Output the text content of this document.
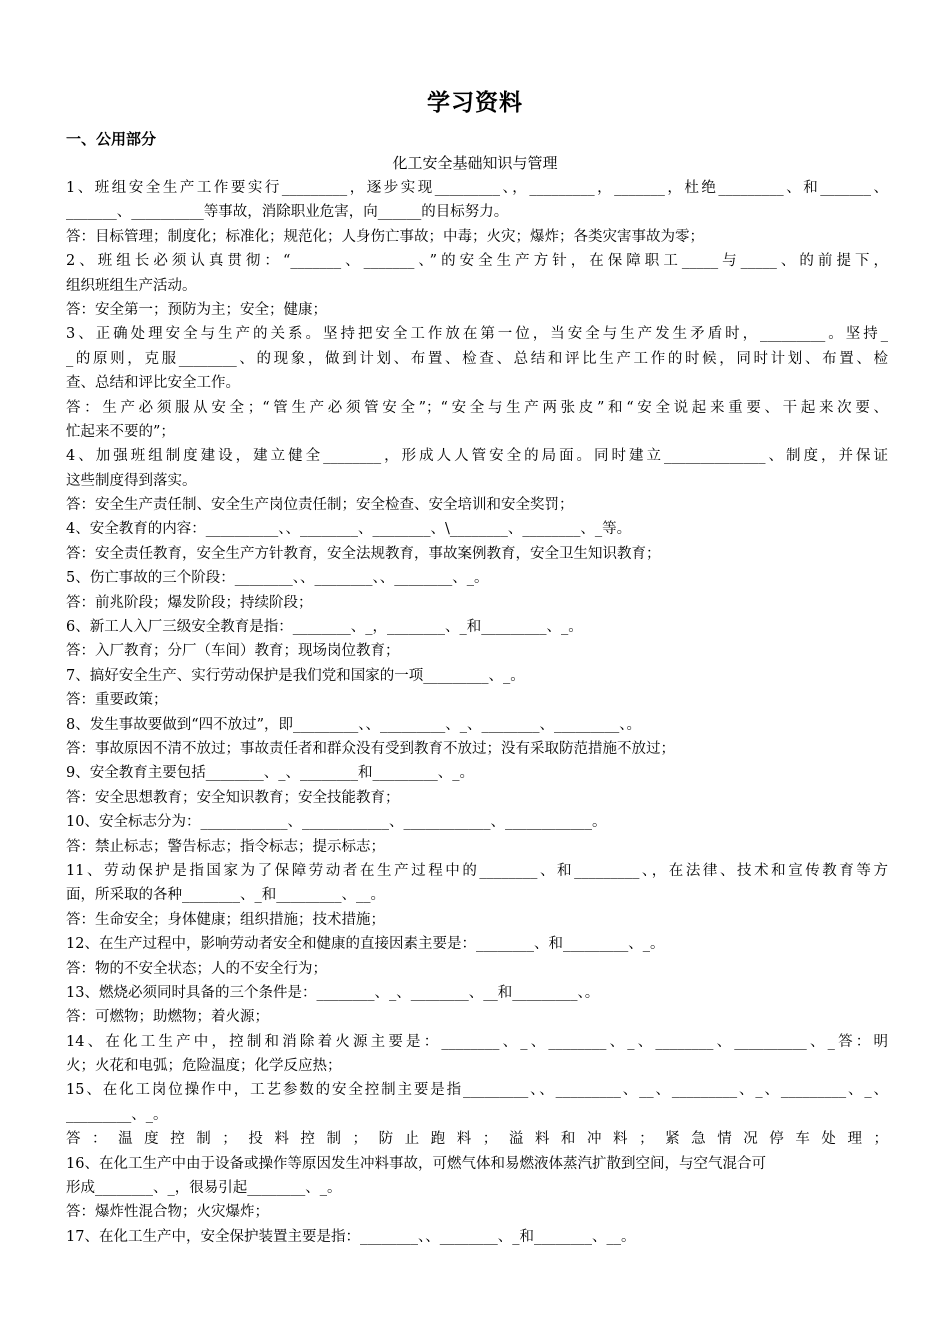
学习资料
一、公用部分
化工安全基础知识与管理
1、班组安全生产工作要实行_________，逐步实现_________、，_________，_______，杜绝_________、和_______、
_______、__________等事故，消除职业危害，向______的目标努力。
答：目标管理；制度化；标准化；规范化；人身伤亡事故；中毒；火灾；爆炸；各类灾害事故为零；
2、班组长必须认真贯彻：“_______、_______、”的安全生产方针，在保障职工_____与_____、的前提下，
组织班组生产活动。
答：安全第一；预防为主；安全；健康；
3、正确处理安全与生产的关系。坚持把安全工作放在第一位，当安全与生产发生矛盾时，_________。坚持_
_的原则，克服________、的现象，做到计划、布置、检查、总结和评比生产工作的时候，同时计划、布置、检
查、总结和评比安全工作。
答：生产必须服从安全；“管生产必须管安全”；“安全与生产两张皮”和“安全说起来重要、干起来次要、
忙起来不要的”；
4、加强班组制度建设，建立健全________，形成人人管安全的局面。同时建立______________、制度，并保证
这些制度得到落实。
答：安全生产责任制、安全生产岗位责任制；安全检查、安全培训和安全奖罚；
4、安全教育的内容：__________、、________、________、\________、________、_等。
答：安全责任教育，安全生产方针教育，安全法规教育，事故案例教育，安全卫生知识教育；
5、伤亡事故的三个阶段：________、、________、、________、_。
答：前兆阶段；爆发阶段；持续阶段；
6、新工人入厂三级安全教育是指：________、_，________、_和_________、_。
答：入厂教育；分厂（车间）教育；现场岗位教育；
7、搞好安全生产、实行劳动保护是我们党和国家的一项_________、_。
答：重要政策；
8、发生事故要做到“四不放过”，即_________、、_________、_、________、_________、。
答：事故原因不清不放过；事故责任者和群众没有受到教育不放过；没有采取防范措施不放过；
9、安全教育主要包括________、_、________和_________、_。
答：安全思想教育；安全知识教育；安全技能教育；
10、安全标志分为：____________、____________、____________、____________。
答：禁止标志；警告标志；指令标志；提示标志；
11、劳动保护是指国家为了保障劳动者在生产过程中的________、和_________、，在法律、技术和宣传教育等方
面，所采取的各种________、_和_________、__。
答：生命安全；身体健康；组织措施；技术措施；
12、在生产过程中，影响劳动者安全和健康的直接因素主要是：________、和_________、_。
答：物的不安全状态；人的不安全行为；
13、燃烧必须同时具备的三个条件是：________、_、________、__和_________、。
答：可燃物；助燃物；着火源；
14、在化工生产中，控制和消除着火源主要是：________、_、________、_、________、__________、_答：明
火；火花和电弧；危险温度；化学反应热；
15、在化工岗位操作中，工艺参数的安全控制主要是指_________、、_________、__、_________、_、_________、_、
_________、_。
答：温度控制；投料控制；防止跑料；溢料和冲料；紧急情况停车处理；
16、在化工生产中由于设备或操作等原因发生冲料事故，可燃气体和易燃液体蒸汽扩散到空间，与空气混合可
形成________、_，很易引起________、_。
答：爆炸性混合物；火灾爆炸；
17、在化工生产中，安全保护装置主要是指：________、、________、_和________、__。
